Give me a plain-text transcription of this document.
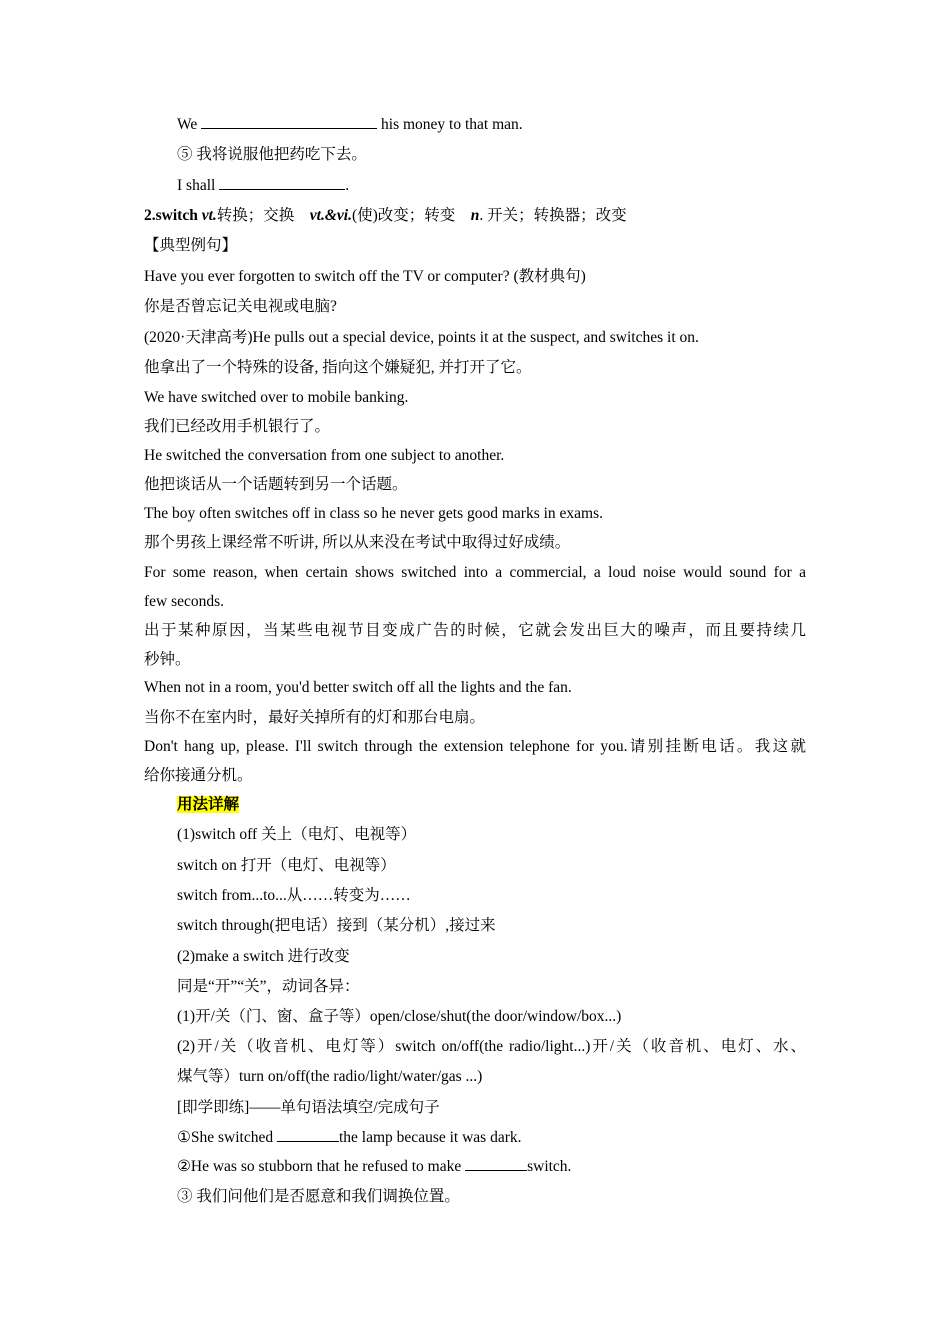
We	his money to that man.
⑤ 我将说服他把药吃下去。
I shall	.
2.switch vt.转换；交换　vt.&vi.(使)改变；转变　n. 开关；转换器；改变
【典型例句】
Have you ever forgotten to switch off the TV or computer? (教材典句)
你是否曾忘记关电视或电脑?
(2020·天津高考)He pulls out a special device, points it at the suspect, and switches it on.
他拿出了一个特殊的设备, 指向这个嫌疑犯, 并打开了它。
We have switched over to mobile banking.
我们已经改用手机银行了。
He switched the conversation from one subject to another.
他把谈话从一个话题转到另一个话题。
The boy often switches off in class so he never gets good marks in exams.
那个男孩上课经常不听讲, 所以从来没在考试中取得过好成绩。
For some reason, when certain shows switched into a commercial, a loud noise would sound for a
few seconds.
出于某种原因，当某些电视节目变成广告的时候，它就会发出巨大的噪声，而且要持续几
秒钟。
When not in a room, you'd better switch off all the lights and the fan.
当你不在室内时，最好关掉所有的灯和那台电扇。
Don't hang up, please. I'll switch through the extension telephone for you.请别挂断电话。我这就
给你接通分机。
用法详解
(1)switch off 关上（电灯、电视等）
switch on 打开（电灯、电视等）
switch from...to...从……转变为……
switch through(把电话）接到（某分机）,接过来
(2)make a switch 进行改变
同是“开”“关”，动词各异：
(1)开/关（门、窗、盒子等）open/close/shut(the door/window/box...)
(2)开/关（收音机、电灯等）switch on/off(the radio/light...)开/关（收音机、电灯、水、
煤气等）turn on/off(the radio/light/water/gas ...)
[即学即练]——单句语法填空/完成句子
①She switched	the lamp because it was dark.
②He was so stubborn that he refused to make	switch.
③ 我们问他们是否愿意和我们调换位置。
